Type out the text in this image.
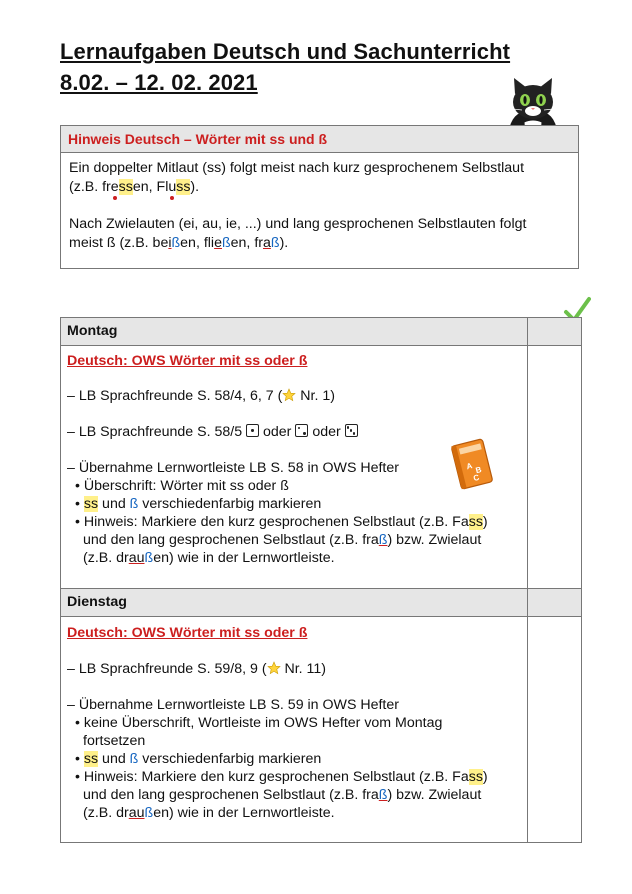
Lernaufgaben Deutsch und Sachunterricht
8.02. – 12. 02. 2021
Hinweis Deutsch – Wörter mit ss und ß

Ein doppelter Mitlaut (ss) folgt meist nach kurz gesprochenem Selbstlaut
(z.B. fressen, Fluss).

Nach Zwielauten (ei, au, ie, ...) und lang gesprochenen Selbstlauten folgt
meist ß (z.B. beißen, fließen, fraß).

Montag
Deutsch: OWS Wörter mit ss oder ß
– LB Sprachfreunde S. 58/4, 6, 7 ( Nr. 1)
– LB Sprachfreunde S. 58/5 oder oder
– Übernahme Lernwortleiste LB S. 58 in OWS Hefter
• Überschrift: Wörter mit ss oder ß
• ss und ß verschiedenfarbig markieren
• Hinweis: Markiere den kurz gesprochenen Selbstlaut (z.B. Fass)
und den lang gesprochenen Selbstlaut (z.B. fraß) bzw. Zwielaut
(z.B. draußen) wie in der Lernwortleiste.
Dienstag
Deutsch: OWS Wörter mit ss oder ß
– LB Sprachfreunde S. 59/8, 9 ( Nr. 11)
– Übernahme Lernwortleiste LB S. 59 in OWS Hefter
• keine Überschrift, Wortleiste im OWS Hefter vom Montag
fortsetzen
• ss und ß verschiedenfarbig markieren
• Hinweis: Markiere den kurz gesprochenen Selbstlaut (z.B. Fass)
und den lang gesprochenen Selbstlaut (z.B. fraß) bzw. Zwielaut
(z.B. draußen) wie in der Lernwortleiste.
A B
C
